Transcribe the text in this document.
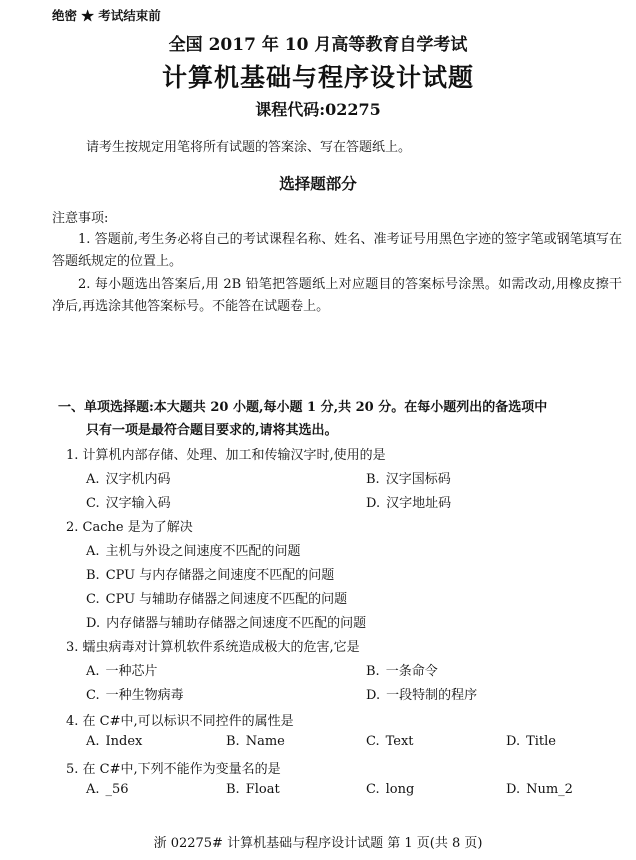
绝密 ★ 考试结束前
全国 2017 年 10 月高等教育自学考试
计算机基础与程序设计试题
课程代码:02275
请考生按规定用笔将所有试题的答案涂、写在答题纸上。
选择题部分
注意事项:
1. 答题前,考生务必将自己的考试课程名称、姓名、准考证号用黑色字迹的签字笔或钢笔填写在答题纸规定的位置上。
2. 每小题选出答案后,用 2B 铅笔把答题纸上对应题目的答案标号涂黑。如需改动,用橡皮擦干净后,再选涂其他答案标号。不能答在试题卷上。
一、单项选择题:本大题共 20 小题,每小题 1 分,共 20 分。在每小题列出的备选项中
只有一项是最符合题目要求的,请将其选出。
1. 计算机内部存储、处理、加工和传输汉字时,使用的是
A. 汉字机内码	B. 汉字国标码
C. 汉字输入码	D. 汉字地址码
2. Cache 是为了解决
A. 主机与外设之间速度不匹配的问题
B. CPU 与内存储器之间速度不匹配的问题
C. CPU 与辅助存储器之间速度不匹配的问题
D. 内存储器与辅助存储器之间速度不匹配的问题
3. 蠕虫病毒对计算机软件系统造成极大的危害,它是
A. 一种芯片	B. 一条命令
C. 一种生物病毒	D. 一段特制的程序
4. 在 C#中,可以标识不同控件的属性是
A. Index	B. Name	C. Text	D. Title
5. 在 C#中,下列不能作为变量名的是
A. _56	B. Float	C. long	D. Num_2
浙 02275# 计算机基础与程序设计试题 第 1 页(共 8 页)
